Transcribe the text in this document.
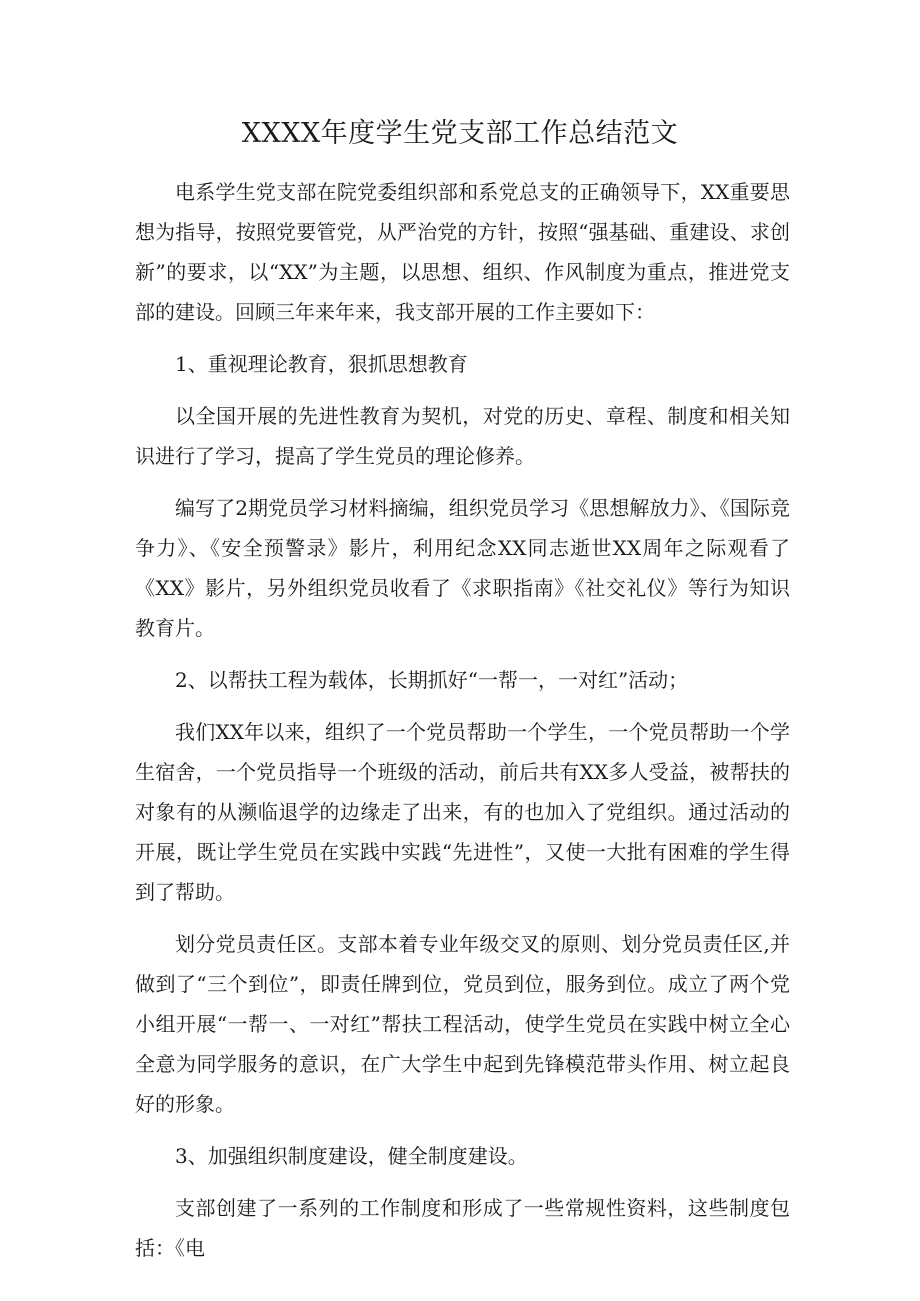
XXXX年度学生党支部工作总结范文

电系学生党支部在院党委组织部和系党总支的正确领导下，XX重要思想为指导，按照党要管党，从严治党的方针，按照“强基础、重建设、求创新”的要求，以“XX”为主题，以思想、组织、作风制度为重点，推进党支部的建设。回顾三年来年来，我支部开展的工作主要如下：

1、重视理论教育，狠抓思想教育

以全国开展的先进性教育为契机，对党的历史、章程、制度和相关知识进行了学习，提高了学生党员的理论修养。

编写了2期党员学习材料摘编，组织党员学习《思想解放力》、《国际竞争力》、《安全预警录》影片，利用纪念XX同志逝世XX周年之际观看了《XX》影片，另外组织党员收看了《求职指南》《社交礼仪》等行为知识教育片。

2、以帮扶工程为载体，长期抓好“一帮一，一对红”活动；

我们XX年以来，组织了一个党员帮助一个学生，一个党员帮助一个学生宿舍，一个党员指导一个班级的活动，前后共有XX多人受益，被帮扶的对象有的从濒临退学的边缘走了出来，有的也加入了党组织。通过活动的开展，既让学生党员在实践中实践“先进性”，又使一大批有困难的学生得到了帮助。

划分党员责任区。支部本着专业年级交叉的原则、划分党员责任区,并做到了“三个到位”，即责任牌到位，党员到位，服务到位。成立了两个党小组开展“一帮一、一对红”帮扶工程活动，使学生党员在实践中树立全心全意为同学服务的意识，在广大学生中起到先锋模范带头作用、树立起良好的形象。

3、加强组织制度建设，健全制度建设。

支部创建了一系列的工作制度和形成了一些常规性资料，这些制度包括：《电
